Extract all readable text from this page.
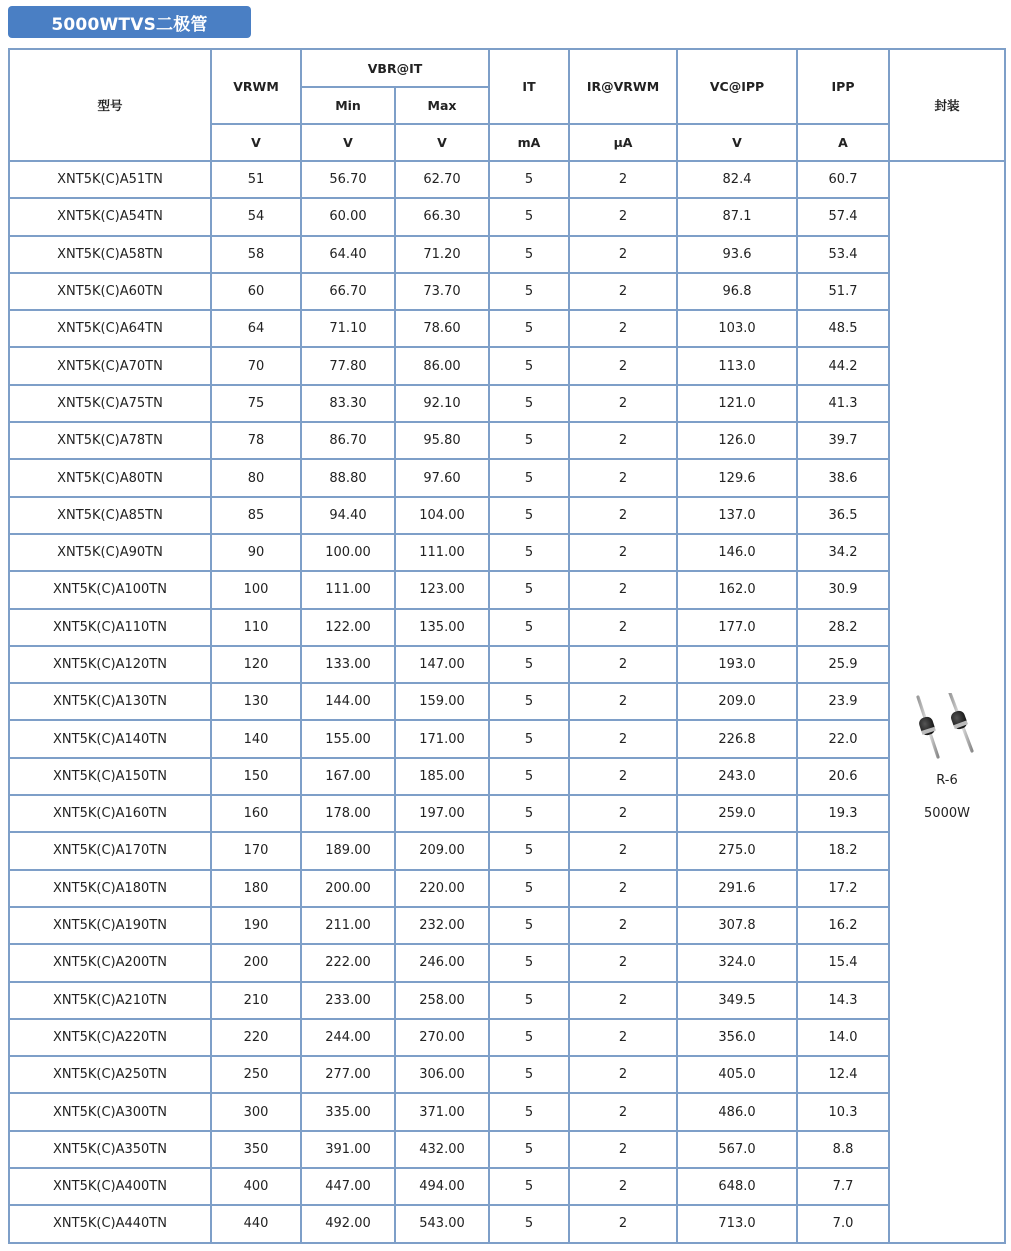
5000WTVS二极管
型号	VRWM	VBR@IT		IT	IR@VRWM	VC@IPP	IPP	封装
		Min	Max					
	V	V	V	mA	μA	V	A	
XNT5K(C)A51TN	51	56.70	62.70	5	2	82.4	60.7	R-6
5000W

XNT5K(C)A54TN	54	60.00	66.30	5	2	87.1	57.4	
XNT5K(C)A58TN	58	64.40	71.20	5	2	93.6	53.4	
XNT5K(C)A60TN	60	66.70	73.70	5	2	96.8	51.7	
XNT5K(C)A64TN	64	71.10	78.60	5	2	103.0	48.5	
XNT5K(C)A70TN	70	77.80	86.00	5	2	113.0	44.2	
XNT5K(C)A75TN	75	83.30	92.10	5	2	121.0	41.3	
XNT5K(C)A78TN	78	86.70	95.80	5	2	126.0	39.7	
XNT5K(C)A80TN	80	88.80	97.60	5	2	129.6	38.6	
XNT5K(C)A85TN	85	94.40	104.00	5	2	137.0	36.5	
XNT5K(C)A90TN	90	100.00	111.00	5	2	146.0	34.2	
XNT5K(C)A100TN	100	111.00	123.00	5	2	162.0	30.9	
XNT5K(C)A110TN	110	122.00	135.00	5	2	177.0	28.2	
XNT5K(C)A120TN	120	133.00	147.00	5	2	193.0	25.9	
XNT5K(C)A130TN	130	144.00	159.00	5	2	209.0	23.9	
XNT5K(C)A140TN	140	155.00	171.00	5	2	226.8	22.0	
XNT5K(C)A150TN	150	167.00	185.00	5	2	243.0	20.6	
XNT5K(C)A160TN	160	178.00	197.00	5	2	259.0	19.3	
XNT5K(C)A170TN	170	189.00	209.00	5	2	275.0	18.2	
XNT5K(C)A180TN	180	200.00	220.00	5	2	291.6	17.2	
XNT5K(C)A190TN	190	211.00	232.00	5	2	307.8	16.2	
XNT5K(C)A200TN	200	222.00	246.00	5	2	324.0	15.4	
XNT5K(C)A210TN	210	233.00	258.00	5	2	349.5	14.3	
XNT5K(C)A220TN	220	244.00	270.00	5	2	356.0	14.0	
XNT5K(C)A250TN	250	277.00	306.00	5	2	405.0	12.4	
XNT5K(C)A300TN	300	335.00	371.00	5	2	486.0	10.3	
XNT5K(C)A350TN	350	391.00	432.00	5	2	567.0	8.8	
XNT5K(C)A400TN	400	447.00	494.00	5	2	648.0	7.7	
XNT5K(C)A440TN	440	492.00	543.00	5	2	713.0	7.0	
